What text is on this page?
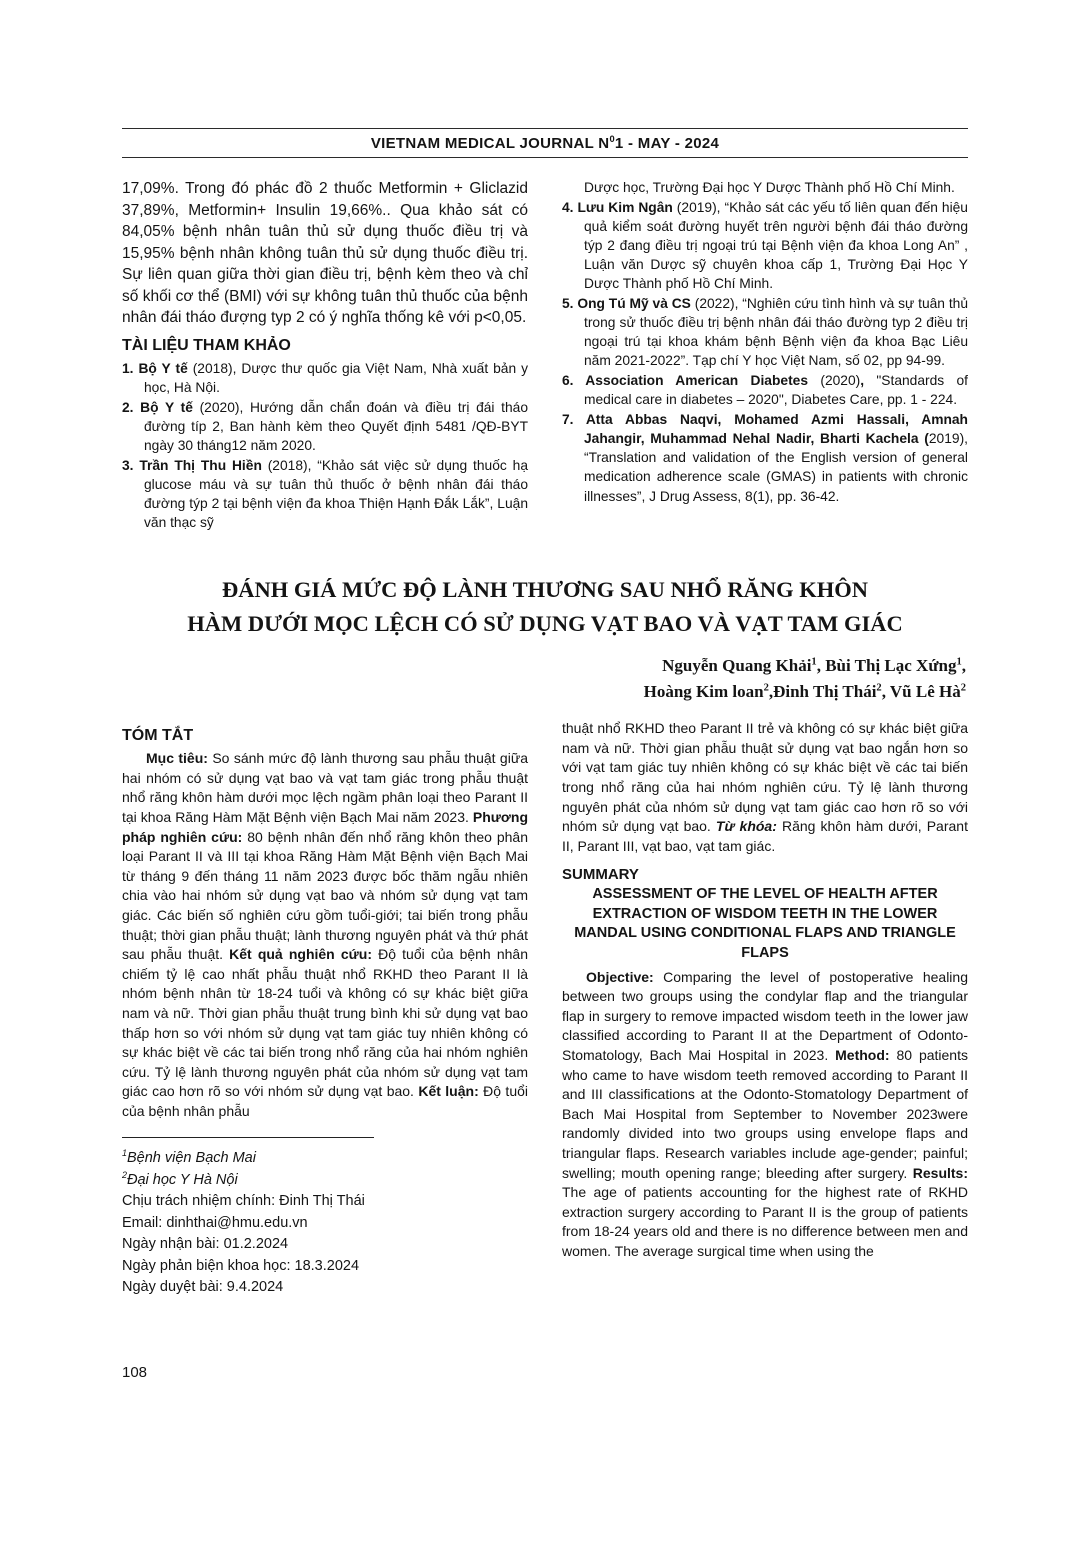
VIETNAM MEDICAL JOURNAL $N^01$ - MAY - 2024

17,09%. Trong đó phác đồ 2 thuốc Metformin + Gliclazid 37,89%, Metformin+ Insulin 19,66%.. Qua khảo sát có 84,05% bệnh nhân tuân thủ sử dụng thuốc điều trị và 15,95% bệnh nhân không tuân thủ sử dụng thuốc điều trị. Sự liên quan giữa thời gian điều trị, bệnh kèm theo và chỉ số khối cơ thể (BMI) với sự không tuân thủ thuốc của bệnh nhân đái tháo đượng typ 2 có ý nghĩa thống kê với p<0,05.

TÀI LIỆU THAM KHẢO

1. Bộ Y tế (2018), Dược thư quốc gia Việt Nam, Nhà xuất bản y học, Hà Nội.

2. Bộ Y tế (2020), Hướng dẫn chẩn đoán và điều trị đái tháo đường típ 2, Ban hành kèm theo Quyết định 5481 /QĐ-BYT ngày 30 tháng12 năm 2020.

3. Trần Thị Thu Hiền (2018), “Khảo sát việc sử dụng thuốc hạ glucose máu và sự tuân thủ thuốc ở bệnh nhân đái tháo đường týp 2 tại bệnh viện đa khoa Thiện Hạnh Đắk Lắk”, Luận văn thạc sỹ

Dược học, Trường Đại học Y Dược Thành phố Hồ Chí Minh.

4. Lưu Kim Ngân (2019), “Khảo sát các yếu tố liên quan đến hiệu quả kiểm soát đường huyết trên người bệnh đái tháo đường týp 2 đang điều trị ngoại trú tại Bệnh viện đa khoa Long An” , Luận văn Dược sỹ chuyên khoa cấp 1, Trường Đại Học Y Dược Thành phố Hồ Chí Minh.

5. Ong Tú Mỹ và CS (2022), “Nghiên cứu tình hình và sự tuân thủ trong sử thuốc điều trị bệnh nhân đái tháo đường typ 2 điều trị ngoại trú tại khoa khám bệnh Bệnh viện đa khoa Bạc Liêu năm 2021-2022”. Tạp chí Y học Việt Nam, số 02, pp 94-99.

6. Association American Diabetes (2020), "Standards of medical care in diabetes – 2020", Diabetes Care, pp. 1 - 224.

7. Atta Abbas Naqvi, Mohamed Azmi Hassali, Amnah Jahangir, Muhammad Nehal Nadir, Bharti Kachela (2019), “Translation and validation of the English version of general medication adherence scale (GMAS) in patients with chronic illnesses”, J Drug Assess, 8(1), pp. 36-42.

ĐÁNH GIÁ MỨC ĐỘ LÀNH THƯƠNG SAU NHỔ RĂNG KHÔN
HÀM DƯỚI MỌC LỆCH CÓ SỬ DỤNG VẠT BAO VÀ VẠT TAM GIÁC
Nguyễn Quang Khải$^1$, Bùi Thị Lạc Xứng$^1$,
Hoàng Kim loan$^2$,Đinh Thị Thái$^2$, Vũ Lê $Hà^2$
TÓM TẮT

Mục tiêu: So sánh mức độ lành thương sau phẫu thuật giữa hai nhóm có sử dụng vạt bao và vạt tam giác trong phẫu thuật nhổ răng khôn hàm dưới mọc lệch ngầm phân loại theo Parant II tại khoa Răng Hàm Mặt Bệnh viện Bạch Mai năm 2023. Phương pháp nghiên cứu: 80 bệnh nhân đến nhổ răng khôn theo phân loại Parant II và III tại khoa Răng Hàm Mặt Bệnh viện Bạch Mai từ tháng 9 đến tháng 11 năm 2023 được bốc thăm ngẫu nhiên chia vào hai nhóm sử dụng vạt bao và nhóm sử dụng vạt tam giác. Các biến số nghiên cứu gồm tuổi-giới; tai biến trong phẫu thuật; thời gian phẫu thuật; lành thương nguyên phát và thứ phát sau phẫu thuật. Kết quả nghiên cứu: Độ tuổi của bệnh nhân chiếm tỷ lệ cao nhất phẫu thuật nhổ RKHD theo Parant II là nhóm bệnh nhân từ 18-24 tuổi và không có sự khác biệt giữa nam và nữ. Thời gian phẫu thuật trung bình khi sử dụng vạt bao thấp hơn so với nhóm sử dụng vạt tam giác tuy nhiên không có sự khác biệt về các tai biến trong nhổ răng của hai nhóm nghiên cứu. Tỷ lệ lành thương nguyên phát của nhóm sử dụng vạt tam giác cao hơn rõ so với nhóm sử dụng vạt bao. Kết luận: Độ tuổi của bệnh nhân phẫu

$^1$Bệnh viện Bạch Mai
$^2$Đại học Y Hà Nội
Chịu trách nhiệm chính: Đinh Thị Thái
Email: dinhthai@hmu.edu.vn
Ngày nhận bài: 01.2.2024
Ngày phản biện khoa học: 18.3.2024
Ngày duyệt bài: 9.4.2024

thuật nhổ RKHD theo Parant II trẻ và không có sự khác biệt giữa nam và nữ. Thời gian phẫu thuật sử dụng vạt bao ngắn hơn so với vạt tam giác tuy nhiên không có sự khác biệt về các tai biến trong nhổ răng của hai nhóm nghiên cứu. Tỷ lệ lành thương nguyên phát của nhóm sử dụng vạt tam giác cao hơn rõ so với nhóm sử dụng vạt bao. Từ khóa: Răng khôn hàm dưới, Parant II, Parant III, vạt bao, vạt tam giác.

SUMMARY
ASSESSMENT OF THE LEVEL OF HEALTH AFTER EXTRACTION OF WISDOM TEETH IN THE LOWER MANDAL USING CONDITIONAL FLAPS AND TRIANGLE FLAPS

Objective: Comparing the level of postoperative healing between two groups using the condylar flap and the triangular flap in surgery to remove impacted wisdom teeth in the lower jaw classified according to Parant II at the Department of Odonto-Stomatology, Bach Mai Hospital in 2023. Method: 80 patients who came to have wisdom teeth removed according to Parant II and III classifications at the Odonto-Stomatology Department of Bach Mai Hospital from September to November 2023were randomly divided into two groups using envelope flaps and triangular flaps. Research variables include age-gender; painful; swelling; mouth opening range; bleeding after surgery. Results: The age of patients accounting for the highest rate of RKHD extraction surgery according to Parant II is the group of patients from 18-24 years old and there is no difference between men and women. The average surgical time when using the

108
